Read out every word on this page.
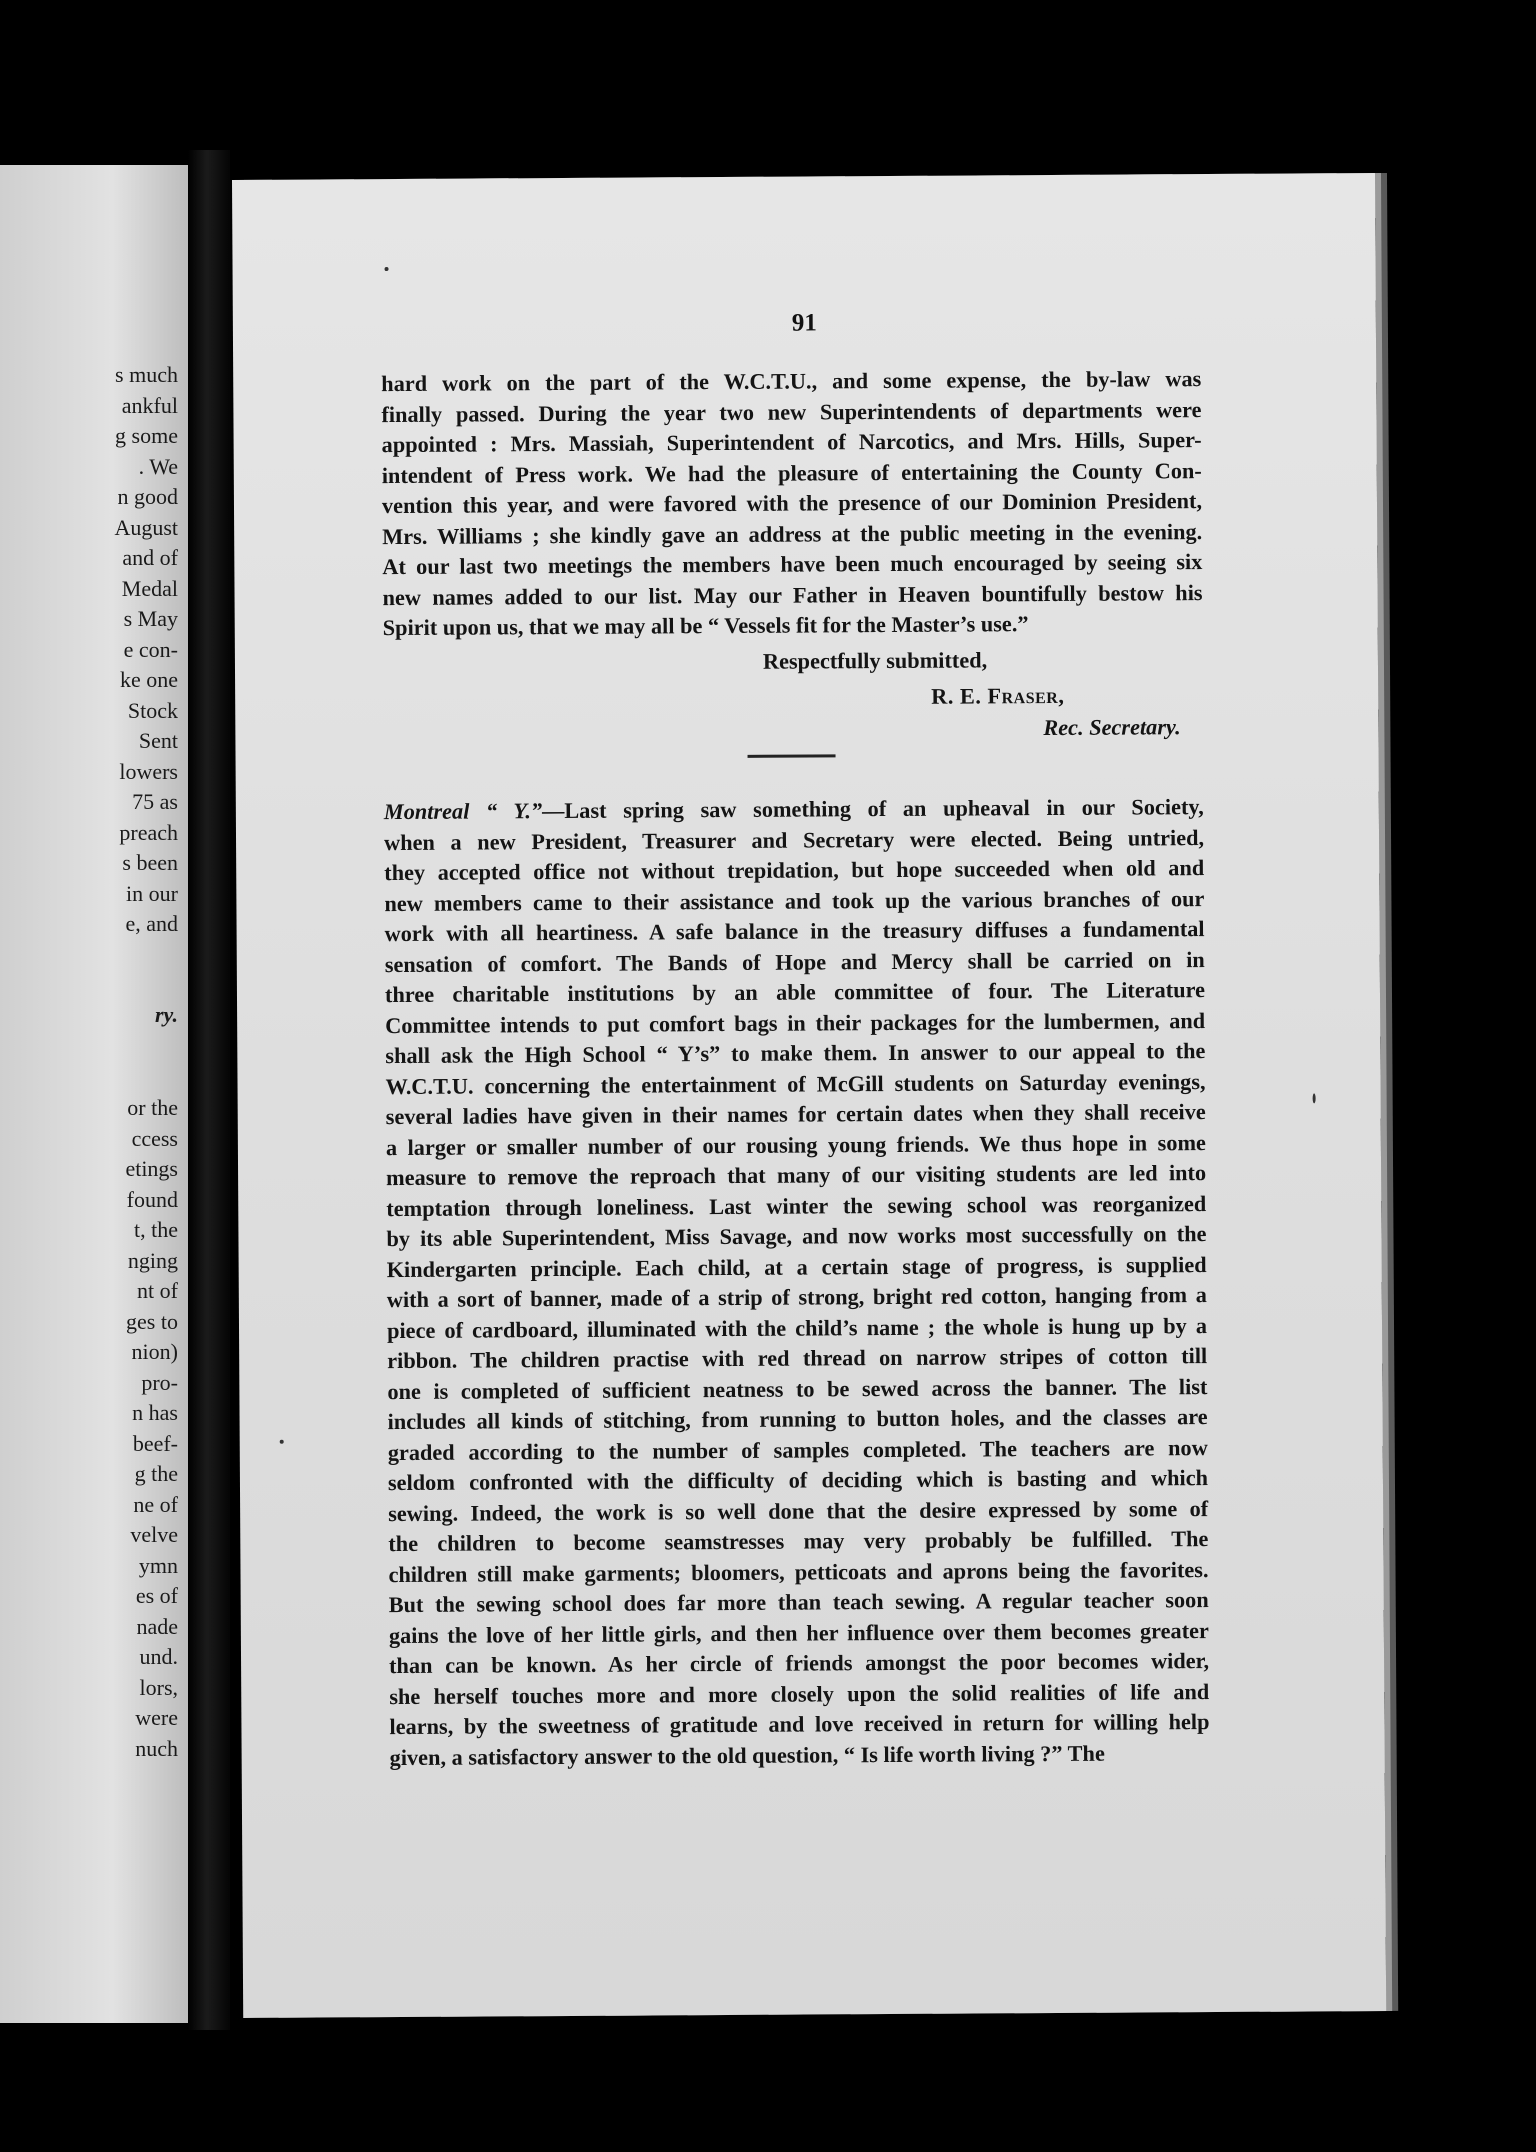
s much
ankful
g some
. We
n good
August
and of
Medal
s May
e con-
ke one
Stock
Sent
lowers
75 as
preach
s been
in our
e, and
ry.
or the
ccess
etings
found
t, the
nging
nt of
ges to
nion)
pro-
n has
beef-
g the
ne of
velve
ymn
es of
nade
und.
lors,
were
nuch
91
hard work on the part of the W.C.T.U., and some expense, the by-law was
finally passed. During the year two new Superintendents of departments were
appointed : Mrs. Massiah, Superintendent of Narcotics, and Mrs. Hills, Super-
intendent of Press work. We had the pleasure of entertaining the County Con-
vention this year, and were favored with the presence of our Dominion President,
Mrs. Williams ; she kindly gave an address at the public meeting in the evening.
At our last two meetings the members have been much encouraged by seeing six
new names added to our list. May our Father in Heaven bountifully bestow his
Spirit upon us, that we may all be “ Vessels fit for the Master’s use.”
Respectfully submitted,
R. E. Fraser,
Rec. Secretary.
Montreal “ Y.”—Last spring saw something of an upheaval in our Society,
when a new President, Treasurer and Secretary were elected. Being untried,
they accepted office not without trepidation, but hope succeeded when old and
new members came to their assistance and took up the various branches of our
work with all heartiness. A safe balance in the treasury diffuses a fundamental
sensation of comfort. The Bands of Hope and Mercy shall be carried on in
three charitable institutions by an able committee of four. The Literature
Committee intends to put comfort bags in their packages for the lumbermen, and
shall ask the High School “ Y’s” to make them. In answer to our appeal to the
W.C.T.U. concerning the entertainment of McGill students on Saturday evenings,
several ladies have given in their names for certain dates when they shall receive
a larger or smaller number of our rousing young friends. We thus hope in some
measure to remove the reproach that many of our visiting students are led into
temptation through loneliness. Last winter the sewing school was reorganized
by its able Superintendent, Miss Savage, and now works most successfully on the
Kindergarten principle. Each child, at a certain stage of progress, is supplied
with a sort of banner, made of a strip of strong, bright red cotton, hanging from a
piece of cardboard, illuminated with the child’s name ; the whole is hung up by a
ribbon. The children practise with red thread on narrow stripes of cotton till
one is completed of sufficient neatness to be sewed across the banner. The list
includes all kinds of stitching, from running to button holes, and the classes are
graded according to the number of samples completed. The teachers are now
seldom confronted with the difficulty of deciding which is basting and which
sewing. Indeed, the work is so well done that the desire expressed by some of
the children to become seamstresses may very probably be fulfilled. The
children still make garments; bloomers, petticoats and aprons being the favorites.
But the sewing school does far more than teach sewing. A regular teacher soon
gains the love of her little girls, and then her influence over them becomes greater
than can be known. As her circle of friends amongst the poor becomes wider,
she herself touches more and more closely upon the solid realities of life and
learns, by the sweetness of gratitude and love received in return for willing help
given, a satisfactory answer to the old question, “ Is life worth living ?” The
